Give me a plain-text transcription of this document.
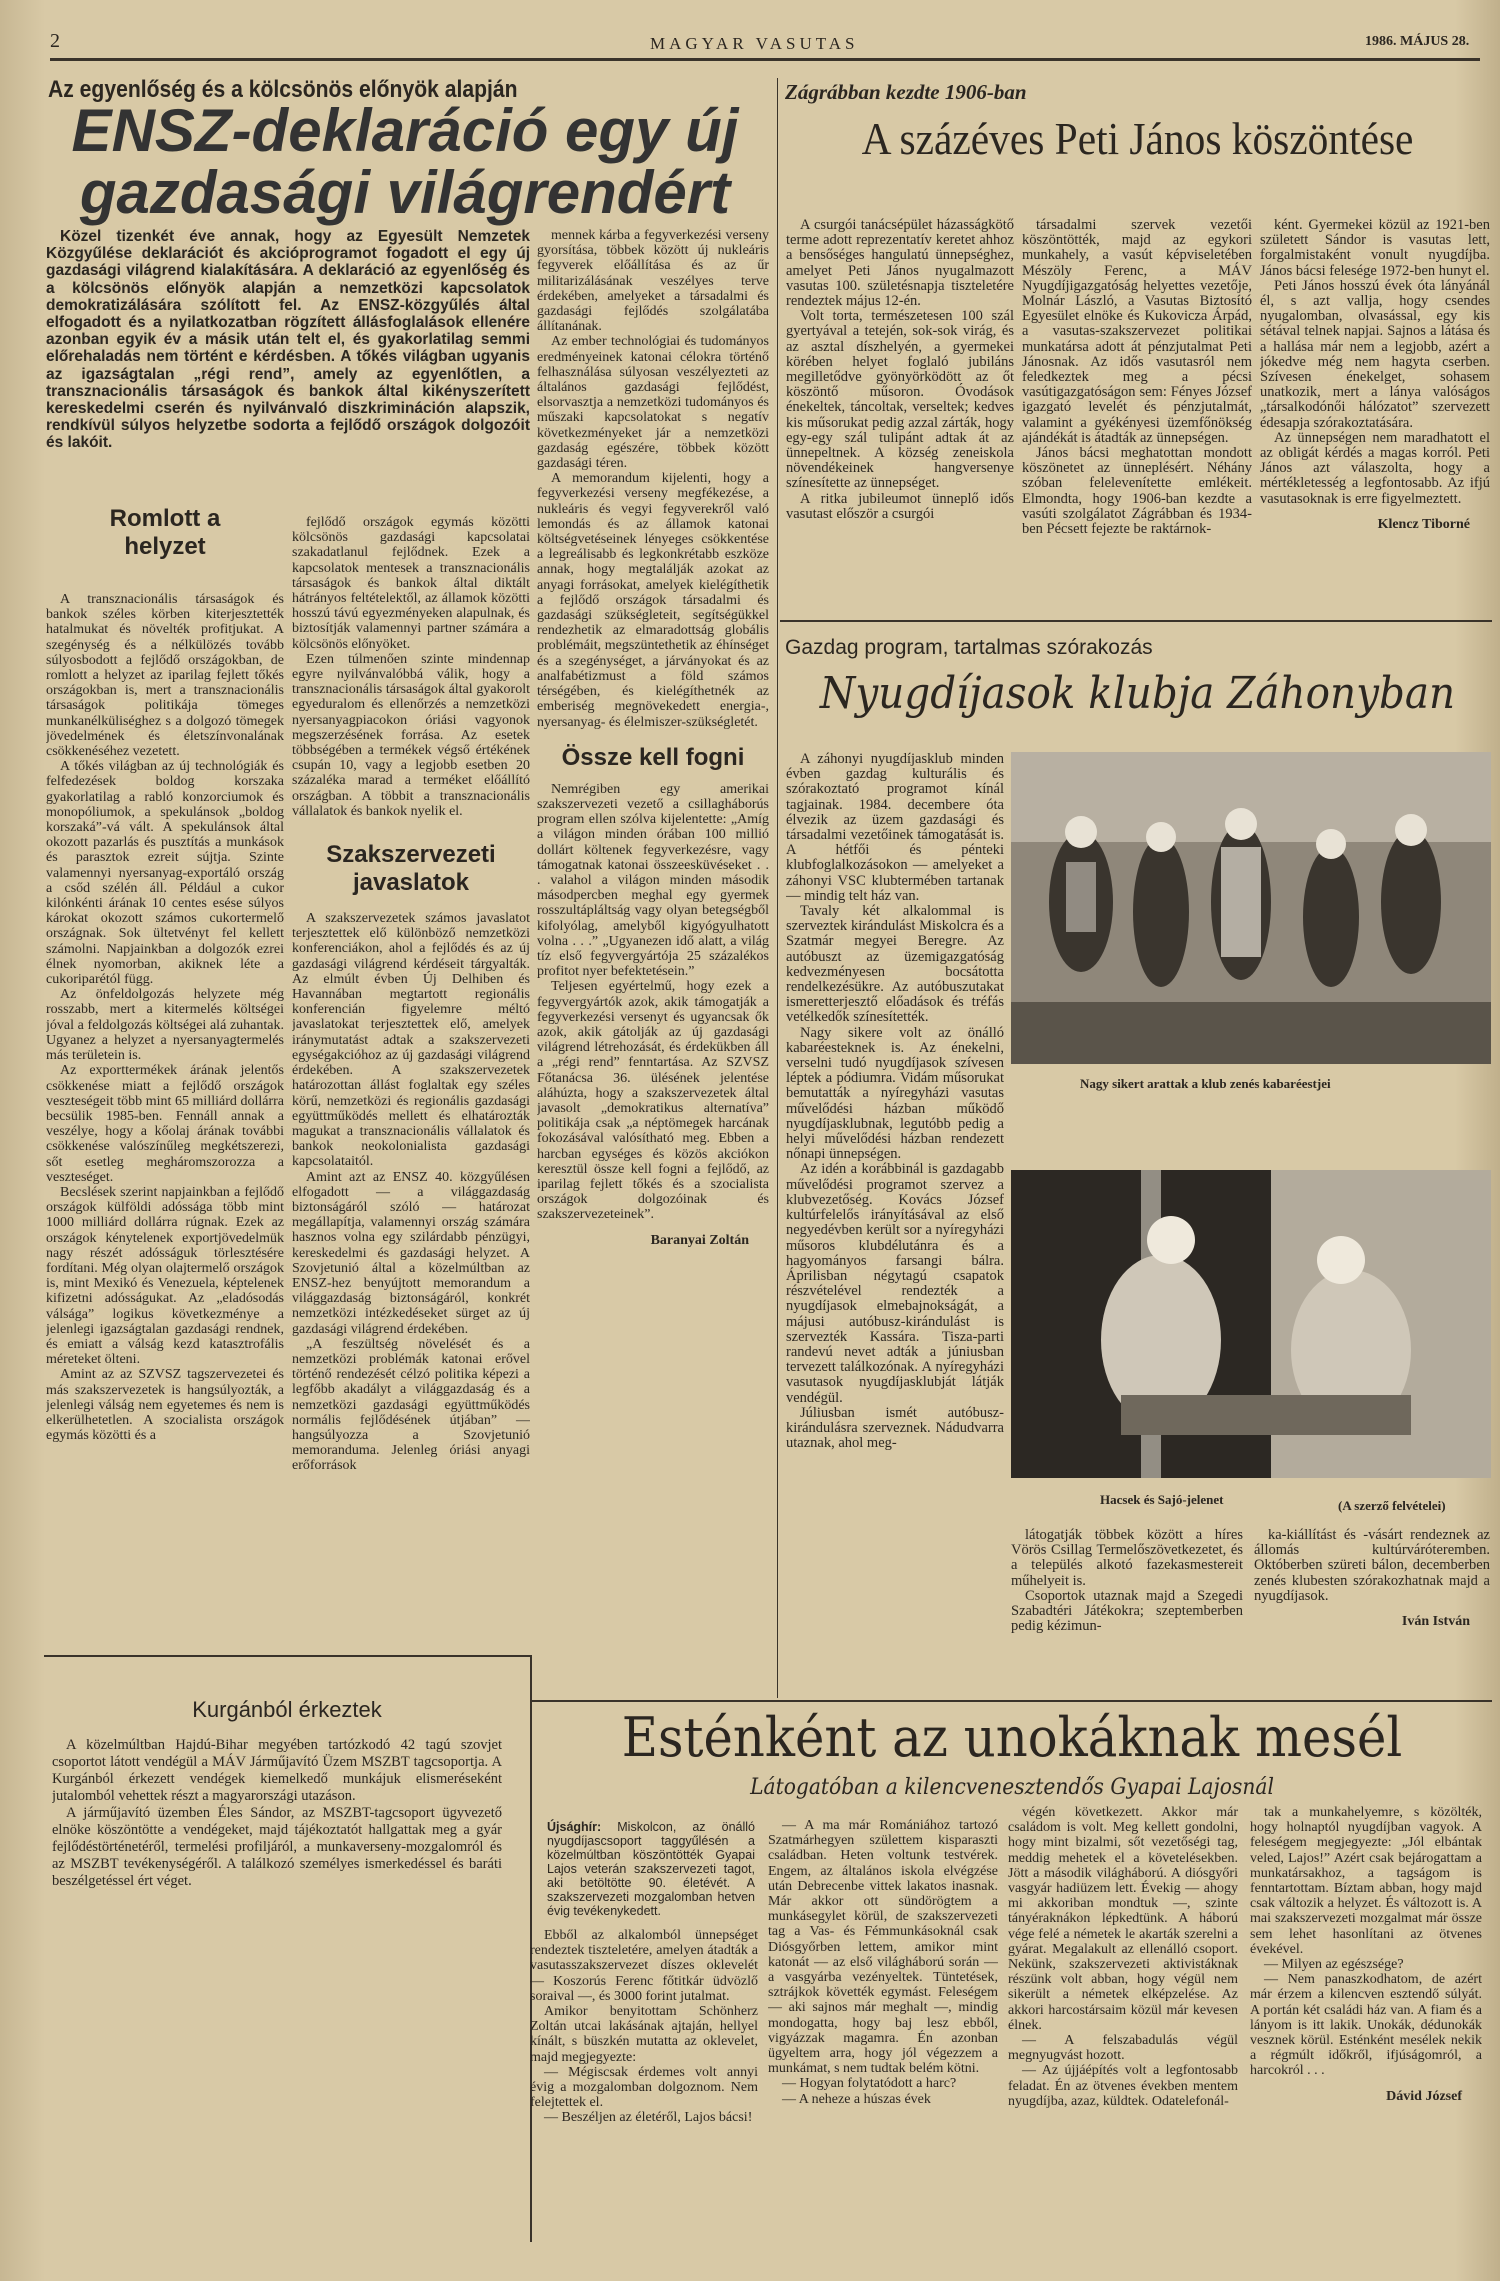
2	MAGYAR VASUTAS	1986. MÁJUS 28.
Az egyenlőség és a kölcsönös előnyök alapján
ENSZ-deklaráció egy új
gazdasági világrendért

Közel tizenkét éve annak, hogy az Egyesült Nemzetek Közgyűlése deklarációt és akcióprogramot fogadott el egy új gazdasági világrend kialakítására. A deklaráció az egyenlőség és a kölcsönös előnyök alapján a nemzetközi kapcsolatok demokratizálására szólított fel. Az ENSZ-közgyűlés által elfogadott és a nyilatkozatban rögzített állásfoglalások ellenére azonban egyik év a másik után telt el, és gyakorlatilag semmi előrehaladás nem történt e kérdésben. A tőkés világban ugyanis az igazságtalan „régi rend”, amely az egyenlőtlen, a transznacionális társaságok és bankok által kikényszerített kereskedelmi cserén és nyilvánvaló diszkrimináción alapszik, rendkívül súlyos helyzetbe sodorta a fejlődő országok dolgozóit és lakóit.

Romlott a helyzet

A transznacionális társaságok és bankok széles körben kiterjesztették hatalmukat és növelték profitjukat. A szegénység és a nélkülözés tovább súlyosbodott a fejlődő országokban, de romlott a helyzet az iparilag fejlett tőkés országokban is, mert a transznacionális társaságok politikája tömeges munkanélküliséghez s a dolgozó tömegek jövedelmének és életszínvonalának csökkenéséhez vezetett.

A tőkés világban az új technológiák és felfedezések boldog korszaka gyakorlatilag a rabló konzorciumok és monopóliumok, a spekulánsok „boldog korszaká”-vá vált. A spekulánsok által okozott pazarlás és pusztítás a munkások és parasztok ezreit sújtja. Szinte valamennyi nyersanyag-exportáló ország a csőd szélén áll. Például a cukor kilónkénti árának 10 centes esése súlyos károkat okozott számos cukortermelő országnak. Sok ültetvényt fel kellett számolni. Napjainkban a dolgozók ezrei élnek nyomorban, akiknek léte a cukoriparétól függ.

Az önfeldolgozás helyzete még rosszabb, mert a kitermelés költségei jóval a feldolgozás költségei alá zuhantak. Ugyanez a helyzet a nyersanyagtermelés más területein is.

Az exporttermékek árának jelentős csökkenése miatt a fejlődő országok veszteségeit több mint 65 milliárd dollárra becsülik 1985-ben. Fennáll annak a veszélye, hogy a kőolaj árának további csökkenése valószínűleg megkétszerezi, sőt esetleg megháromszorozza a veszteséget.

Becslések szerint napjainkban a fejlődő országok külföldi adóssága több mint 1000 milliárd dollárra rúgnak. Ezek az országok kénytelenek exportjövedelmük nagy részét adósságuk törlesztésére fordítani. Még olyan olajtermelő országok is, mint Mexikó és Venezuela, képtelenek kifizetni adósságukat. Az „eladósodás válsága” logikus következménye a jelenlegi igazságtalan gazdasági rendnek, és emiatt a válság kezd katasztrofális méreteket ölteni.

Amint az az SZVSZ tagszervezetei és más szakszervezetek is hangsúlyozták, a jelenlegi válság nem egyetemes és nem is elkerülhetetlen. A szocialista országok egymás közötti és a

fejlődő országok egymás közötti kölcsönös gazdasági kapcsolatai szakadatlanul fejlődnek. Ezek a kapcsolatok mentesek a transznacionális társaságok és bankok által diktált hátrányos feltételektől, az államok közötti hosszú távú egyezményeken alapulnak, és biztosítják valamennyi partner számára a kölcsönös előnyöket.

Ezen túlmenően szinte mindennap egyre nyilvánvalóbbá válik, hogy a transznacionális társaságok által gyakorolt egyeduralom és ellenőrzés a nemzetközi nyersanyagpiacokon óriási vagyonok megszerzésének forrása. Az esetek többségében a termékek végső értékének csupán 10, vagy a legjobb esetben 20 százaléka marad a terméket előállító országban. A többit a transznacionális vállalatok és bankok nyelik el.

Szakszervezeti javaslatok

A szakszervezetek számos javaslatot terjesztettek elő különböző nemzetközi konferenciákon, ahol a fejlődés és az új gazdasági világrend kérdéseit tárgyalták. Az elmúlt évben Új Delhiben és Havannában megtartott regionális konferencián figyelemre méltó javaslatokat terjesztettek elő, amelyek iránymutatást adtak a szakszervezeti egységakcióhoz az új gazdasági világrend érdekében. A szakszervezetek határozottan állást foglaltak egy széles körű, nemzetközi és regionális gazdasági együttműködés mellett és elhatározták magukat a transznacionális vállalatok és bankok neokolonialista gazdasági kapcsolataitól.

Amint azt az ENSZ 40. közgyűlésen elfogadott — a világgazdaság biztonságáról szóló — határozat megállapítja, valamennyi ország számára hasznos volna egy szilárdabb pénzügyi, kereskedelmi és gazdasági helyzet. A Szovjetunió által a közelmúltban az ENSZ-hez benyújtott memorandum a világgazdaság biztonságáról, konkrét nemzetközi intézkedéseket sürget az új gazdasági világrend érdekében.

„A feszültség növelését és a nemzetközi problémák katonai erővel történő rendezését célzó politika képezi a legfőbb akadályt a világgazdaság és a nemzetközi gazdasági együttműködés normális fejlődésének útjában” — hangsúlyozza a Szovjetunió memoranduma. Jelenleg óriási anyagi erőforrások

mennek kárba a fegyverkezési verseny gyorsítása, többek között új nukleáris fegyverek előállítása és az űr militarizálásának veszélyes terve érdekében, amelyeket a társadalmi és gazdasági fejlődés szolgálatába állítanának.

Az ember technológiai és tudományos eredményeinek katonai célokra történő felhasználása súlyosan veszélyezteti az általános gazdasági fejlődést, elsorvasztja a nemzetközi tudományos és műszaki kapcsolatokat s negatív következményeket jár a nemzetközi gazdaság egészére, többek között gazdasági téren.

A memorandum kijelenti, hogy a fegyverkezési verseny megfékezése, a nukleáris és vegyi fegyverekről való lemondás és az államok katonai költségvetéseinek lényeges csökkentése a legreálisabb és legkonkrétabb eszköze annak, hogy megtalálják azokat az anyagi forrásokat, amelyek kielégíthetik a fejlődő országok társadalmi és gazdasági szükségleteit, segítségükkel rendezhetik az elmaradottság globális problémáit, megszüntethetik az éhínséget és a szegénységet, a járványokat és az analfabétizmust a föld számos térségében, és kielégíthetnék az emberiség megnövekedett energia-, nyersanyag- és élelmiszer-szükségletét.

Össze kell fogni

Nemrégiben egy amerikai szakszervezeti vezető a csillagháborús program ellen szólva kijelentette: „Amíg a világon minden órában 100 millió dollárt költenek fegyverkezésre, vagy támogatnak katonai összeesküvéseket . . . valahol a világon minden második másodpercben meghal egy gyermek rosszultápláltság vagy olyan betegségből kifolyólag, amelyből kigyógyulhatott volna . . .” „Ugyanezen idő alatt, a világ tíz első fegyvergyártója 25 százalékos profitot nyer befektetésein.”

Teljesen egyértelmű, hogy ezek a fegyvergyártók azok, akik támogatják a fegyverkezési versenyt és ugyancsak ők azok, akik gátolják az új gazdasági világrend létrehozását, és érdekükben áll a „régi rend” fenntartása. Az SZVSZ Főtanácsa 36. ülésének jelentése aláhúzta, hogy a szakszervezetek által javasolt „demokratikus alternatíva” politikája csak „a néptömegek harcának fokozásával valósítható meg. Ebben a harcban egységes és közös akciókon keresztül össze kell fogni a fejlődő, az iparilag fejlett tőkés és a szocialista országok dolgozóinak és szakszervezeteinek”.

Baranyai Zoltán

Kurgánból érkeztek

A közelmúltban Hajdú-Bihar megyében tartózkodó 42 tagú szovjet csoportot látott vendégül a MÁV Járműjavító Üzem MSZBT tagcsoportja. A Kurgánból érkezett vendégek kiemelkedő munkájuk elismeréseként jutalomból vehettek részt a magyarországi utazáson.

A járműjavító üzemben Éles Sándor, az MSZBT-tagcsoport ügyvezető elnöke köszöntötte a vendégeket, majd tájékoztatót hallgattak meg a gyár fejlődéstörténetéről, termelési profiljáról, a munkaverseny-mozgalomról és az MSZBT tevékenységéről. A találkozó személyes ismerkedéssel és baráti beszélgetéssel ért véget.

Zágrábban kezdte 1906-ban
A százéves Peti János köszöntése

A csurgói tanácsépület házasságkötő terme adott reprezentatív keretet ahhoz a bensőséges hangulatú ünnepséghez, amelyet Peti János nyugalmazott vasutas 100. születésnapja tiszteletére rendeztek május 12-én.

Volt torta, természetesen 100 szál gyertyával a tetején, sok-sok virág, és az asztal díszhelyén, a gyermekei körében helyet foglaló jubiláns megilletődve gyönyörködött az őt köszöntő műsoron. Óvodások énekeltek, táncoltak, verseltek; kedves kis műsorukat pedig azzal zárták, hogy egy-egy szál tulipánt adtak át az ünnepeltnek. A község zeneiskola növendékeinek hangversenye színesítette az ünnepséget.

A ritka jubileumot ünneplő idős vasutast először a csurgói

társadalmi szervek vezetői köszöntötték, majd az egykori munkahely, a vasút képviseletében Mészöly Ferenc, a MÁV Nyugdíjigazgatóság helyettes vezetője, Molnár László, a Vasutas Biztosító Egyesület elnöke és Kukovicza Árpád, a vasutas-szakszervezet politikai munkatársa adott át pénzjutalmat Peti Jánosnak. Az idős vasutasról nem feledkeztek meg a pécsi vasútigazgatóságon sem: Fényes József igazgató levelét és pénzjutalmát, valamint a gyékényesi üzemfőnökség ajándékát is átadták az ünnepségen.

János bácsi meghatottan mondott köszönetet az ünneplésért. Néhány szóban felelevenítette emlékeit. Elmondta, hogy 1906-ban kezdte a vasúti szolgálatot Zágrábban és 1934-ben Pécsett fejezte be raktárnok-

ként. Gyermekei közül az 1921-ben született Sándor is vasutas lett, forgalmistaként vonult nyugdíjba. János bácsi felesége 1972-ben hunyt el.

Peti János hosszú évek óta lányánál él, s azt vallja, hogy csendes nyugalomban, olvasással, egy kis sétával telnek napjai. Sajnos a látása és a hallása már nem a legjobb, azért a jókedve még nem hagyta cserben. Szívesen énekelget, sohasem unatkozik, mert a lánya valóságos „társalkodónői hálózatot” szervezett édesapja szórakoztatására.

Az ünnepségen nem maradhatott el az obligát kérdés a magas korról. Peti János azt válaszolta, hogy a mértékletesség a legfontosabb. Az ifjú vasutasoknak is erre figyelmeztett.

Klencz Tiborné

Gazdag program, tartalmas szórakozás
Nyugdíjasok klubja Záhonyban

A záhonyi nyugdíjasklub minden évben gazdag kulturális és szórakoztató programot kínál tagjainak. 1984. decembere óta élvezik az üzem gazdasági és társadalmi vezetőinek támogatását is. A hétfői és pénteki klubfoglalkozásokon — amelyeket a záhonyi VSC klubtermében tartanak — mindig telt ház van.

Tavaly két alkalommal is szerveztek kirándulást Miskolcra és a Szatmár megyei Beregre. Az autóbuszt az üzemigazgatóság kedvezményesen bocsátotta rendelkezésükre. Az autóbuszutakat ismeretterjesztő előadások és tréfás vetélkedők színesítették.

Nagy sikere volt az önálló kabaréesteknek is. Az énekelni, verselni tudó nyugdíjasok szívesen léptek a pódiumra. Vidám műsorukat bemutatták a nyíregyházi vasutas művelődési házban működő nyugdíjasklubnak, legutóbb pedig a helyi művelődési házban rendezett nőnapi ünnepségen.

Az idén a korábbinál is gazdagabb művelődési programot szervez a klubvezetőség. Kovács József kultúrfelelős irányításával az első negyedévben került sor a nyíregyházi műsoros klubdélutánra és a hagyományos farsangi bálra. Áprilisban négytagú csapatok részvételével rendezték a nyugdíjasok elmebajnokságát, a májusi autóbusz-kirándulást is szervezték Kassára. Tisza-parti randevú nevet adták a júniusban tervezett találkozónak. A nyíregyházi vasutasok nyugdíjasklubját látják vendégül.

Júliusban ismét autóbusz-kirándulásra szerveznek. Nádudvarra utaznak, ahol meg-

Nagy sikert arattak a klub zenés kabaréestjei
Hacsek és Sajó-jelenet	(A szerző felvételei)

látogatják többek között a híres Vörös Csillag Termelőszövetkezetet, és a település alkotó fazekasmestereit műhelyeit is.

Csoportok utaznak majd a Szegedi Szabadtéri Játékokra; szeptemberben pedig kézimun-

ka-kiállítást és -vásárt rendeznek az állomás kultúrváróteremben. Októberben szüreti bálon, decemberben zenés klubesten szórakozhatnak majd a nyugdíjasok.

Iván István

Esténként az unokáknak mesél
Látogatóban a kilencvenesztendős Gyapai Lajosnál
Újsághír: Miskolcon, az önálló nyugdíjascsoport taggyűlésén a közelmúltban köszöntötték Gyapai Lajos veterán szakszervezeti tagot, aki betöltötte 90. életévét. A szakszervezeti mozgalomban hetven évig tevékenykedett.

Ebből az alkalomból ünnepséget rendeztek tiszteletére, amelyen átadták a vasutasszakszervezet díszes oklevelét — Koszorús Ferenc főtitkár üdvözlő soraival —, és 3000 forint jutalmat.

Amikor benyitottam Schönherz Zoltán utcai lakásának ajtaján, hellyel kínált, s büszkén mutatta az oklevelet, majd megjegyezte:

— Mégiscsak érdemes volt annyi évig a mozgalomban dolgoznom. Nem felejtettek el.

— Beszéljen az életéről, Lajos bácsi!

— A ma már Romániához tartozó Szatmárhegyen születtem kisparaszti családban. Heten voltunk testvérek. Engem, az általános iskola elvégzése után Debrecenbe vittek lakatos inasnak. Már akkor ott sündörögtem a munkásegylet körül, de szakszervezeti tag a Vas- és Fémmunkásoknál csak Diósgyőrben lettem, amikor mint katonát — az első világháború során — a vasgyárba vezényeltek. Tüntetések, sztrájkok követték egymást. Feleségem — aki sajnos már meghalt —, mindig mondogatta, hogy baj lesz ebből, vigyázzak magamra. Én azonban ügyeltem arra, hogy jól végezzem a munkámat, s nem tudtak belém kötni.

— Hogyan folytatódott a harc?

— A neheze a húszas évek

végén következett. Akkor már családom is volt. Meg kellett gondolni, hogy mint bizalmi, sőt vezetőségi tag, meddig mehetek el a követelésekben. Jött a második világháború. A diósgyőri vasgyár hadiüzem lett. Évekig — ahogy mi akkoriban mondtuk —, szinte tányéraknákon lépkedtünk. A háború vége felé a németek le akarták szerelni a gyárat. Megalakult az ellenálló csoport. Nekünk, szakszervezeti aktivistáknak részünk volt abban, hogy végül nem sikerült a németek elképzelése. Az akkori harcostársaim közül már kevesen élnek.

— A felszabadulás végül megnyugvást hozott.

— Az újjáépítés volt a legfontosabb feladat. Én az ötvenes években mentem nyugdíjba, azaz, küldtek. Odatelefonál-

tak a munkahelyemre, s közölték, hogy holnaptól nyugdíjban vagyok. A feleségem megjegyezte: „Jól elbántak veled, Lajos!” Azért csak bejárogattam a munkatársakhoz, a tagságom is fenntartottam. Bíztam abban, hogy majd csak változik a helyzet. És változott is. A mai szakszervezeti mozgalmat már össze sem lehet hasonlítani az ötvenes évekével.

— Milyen az egészsége?

— Nem panaszkodhatom, de azért már érzem a kilencven esztendő súlyát. A portán két családi ház van. A fiam és a lányom is itt lakik. Unokák, dédunokák vesznek körül. Esténként mesélek nekik a régmúlt időkről, ifjúságomról, a harcokról . . .

Dávid József
